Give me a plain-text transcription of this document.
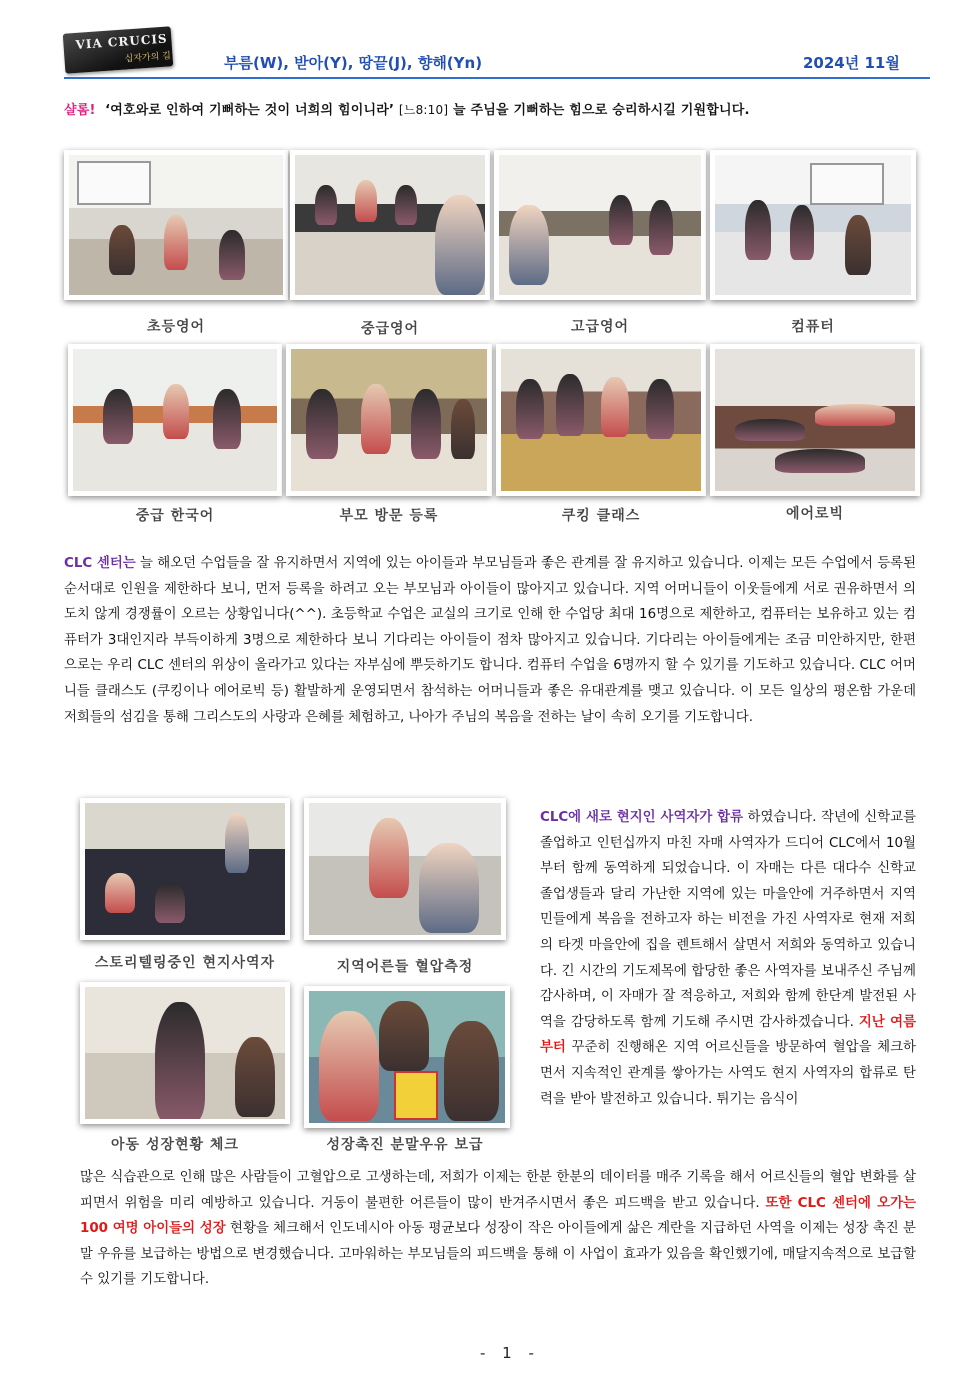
VIA CRUCIS
십자가의 길	부름(W), 받아(Y), 땅끝(J), 향해(Yn)	2024년 11월
샬롬! ‘여호와로 인하여 기뻐하는 것이 너희의 힘이니라’ [느8:10] 늘 주님을 기뻐하는 힘으로 승리하시길 기원합니다.
초등영어	중급영어	고급영어	컴퓨터
중급 한국어	부모 방문 등록	쿠킹 클래스	에어로빅
CLC 센터는 늘 해오던 수업들을 잘 유지하면서 지역에 있는 아이들과 부모님들과 좋은 관계를 잘 유지하고 있습니다. 이제는 모든 수업에서 등록된 순서대로 인원을 제한하다 보니, 먼저 등록을 하려고 오는 부모님과 아이들이 많아지고 있습니다. 지역 어머니들이 이웃들에게 서로 권유하면서 의도치 않게 경쟁률이 오르는 상황입니다(^^). 초등학교 수업은 교실의 크기로 인해 한 수업당 최대 16명으로 제한하고, 컴퓨터는 보유하고 있는 컴퓨터가 3대인지라 부득이하게 3명으로 제한하다 보니 기다리는 아이들이 점차 많아지고 있습니다. 기다리는 아이들에게는 조금 미안하지만, 한편으로는 우리 CLC 센터의 위상이 올라가고 있다는 자부심에 뿌듯하기도 합니다. 컴퓨터 수업을 6명까지 할 수 있기를 기도하고 있습니다. CLC 어머니들 클래스도 (쿠킹이나 에어로빅 등) 활발하게 운영되면서 참석하는 어머니들과 좋은 유대관계를 맺고 있습니다. 이 모든 일상의 평온함 가운데 저희들의 섬김을 통해 그리스도의 사랑과 은혜를 체험하고, 나아가 주님의 복음을 전하는 날이 속히 오기를 기도합니다.
스토리텔링중인 현지사역자	지역어른들 혈압측정
아동 성장현황 체크	성장촉진 분말우유 보급
CLC에 새로 현지인 사역자가 합류 하였습니다. 작년에 신학교를 졸업하고 인턴십까지 마친 자매 사역자가 드디어 CLC에서 10월부터 함께 동역하게 되었습니다. 이 자매는 다른 대다수 신학교 졸업생들과 달리 가난한 지역에 있는 마을안에 거주하면서 지역민들에게 복음을 전하고자 하는 비전을 가진 사역자로 현재 저희의 타겟 마을안에 집을 렌트해서 살면서 저희와 동역하고 있습니다. 긴 시간의 기도제목에 합당한 좋은 사역자를 보내주신 주님께 감사하며, 이 자매가 잘 적응하고, 저희와 함께 한단계 발전된 사역을 감당하도록 함께 기도해 주시면 감사하겠습니다. 지난 여름부터 꾸준히 진행해온 지역 어르신들을 방문하여 혈압을 체크하면서 지속적인 관계를 쌓아가는 사역도 현지 사역자의 합류로 탄력을 받아 발전하고 있습니다. 튀기는 음식이
많은 식습관으로 인해 많은 사람들이 고혈압으로 고생하는데, 저희가 이제는 한분 한분의 데이터를 매주 기록을 해서 어르신들의 혈압 변화를 살피면서 위험을 미리 예방하고 있습니다. 거동이 불편한 어른들이 많이 반겨주시면서 좋은 피드백을 받고 있습니다. 또한 CLC 센터에 오가는 100 여명 아이들의 성장 현황을 체크해서 인도네시아 아동 평균보다 성장이 작은 아이들에게 삶은 계란을 지급하던 사역을 이제는 성장 촉진 분말 우유를 보급하는 방법으로 변경했습니다. 고마워하는 부모님들의 피드백을 통해 이 사업이 효과가 있음을 확인했기에, 매달지속적으로 보급할 수 있기를 기도합니다.
- 1 -
